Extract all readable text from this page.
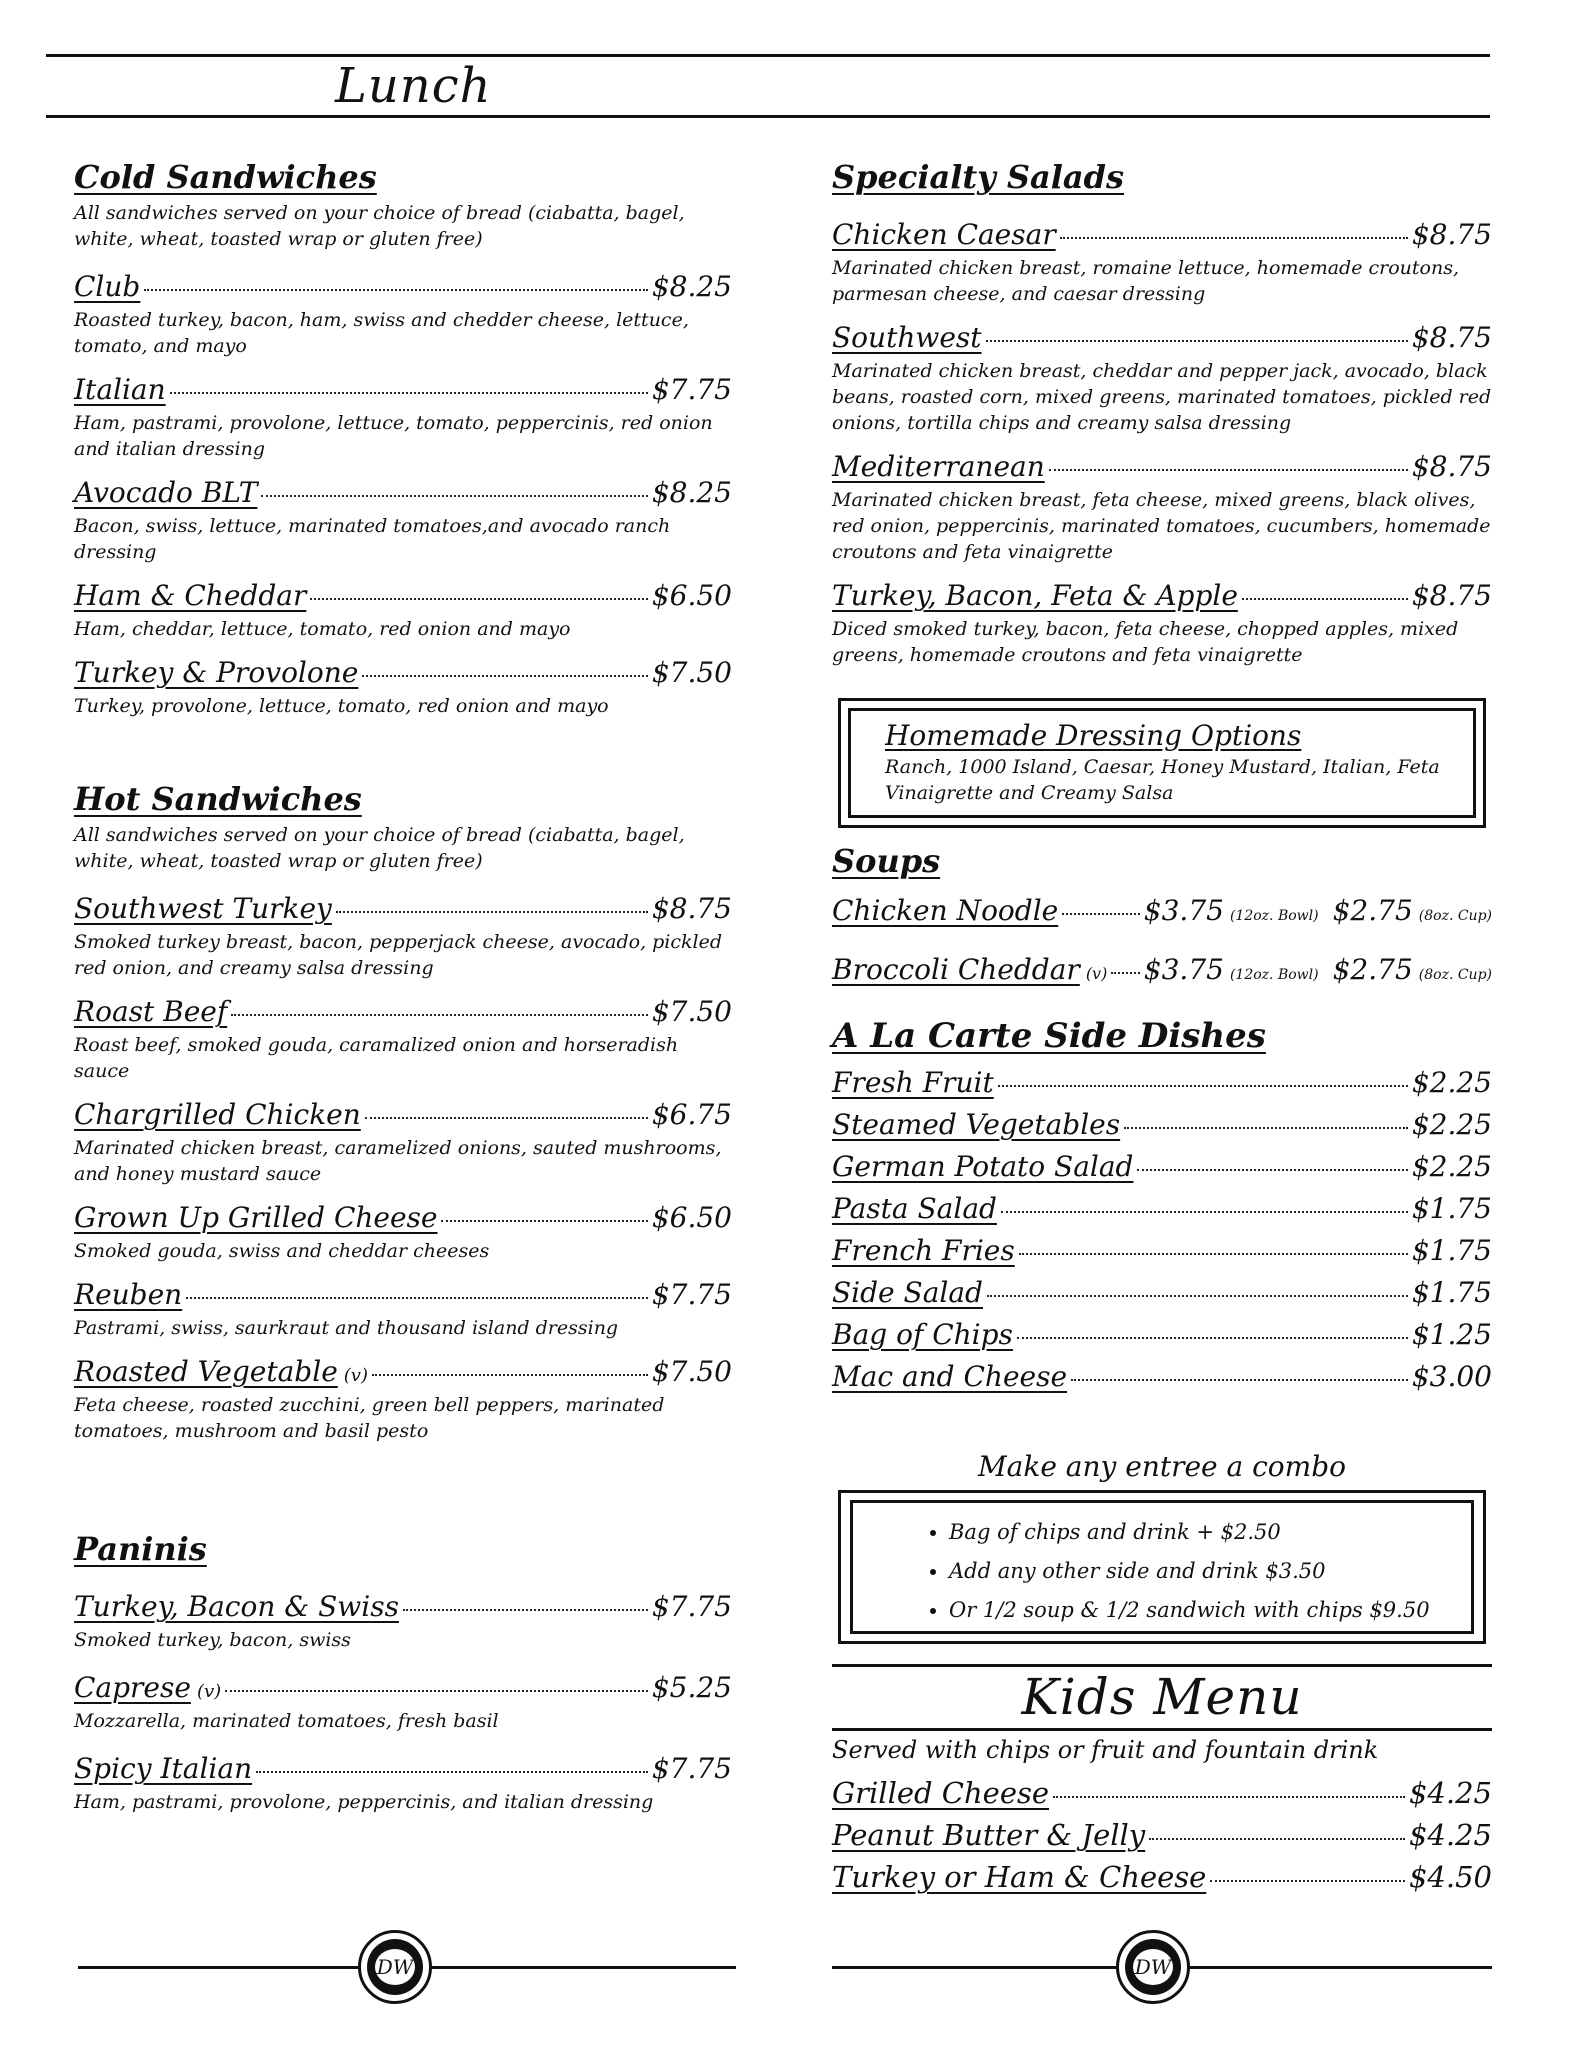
Lunch
Cold Sandwiches

All sandwiches served on your choice of bread (ciabatta, bagel, white, wheat, toasted wrap or gluten free)

Club	$8.25
Roasted turkey, bacon, ham, swiss and chedder cheese, lettuce, tomato, and mayo
Italian	$7.75
Ham, pastrami, provolone, lettuce, tomato, peppercinis, red onion and italian dressing
Avocado BLT	$8.25
Bacon, swiss, lettuce, marinated tomatoes,and avocado ranch dressing
Ham & Cheddar	$6.50
Ham, cheddar, lettuce, tomato, red onion and mayo
Turkey & Provolone	$7.50
Turkey, provolone, lettuce, tomato, red onion and mayo
Hot Sandwiches

All sandwiches served on your choice of bread (ciabatta, bagel, white, wheat, toasted wrap or gluten free)

Southwest Turkey	$8.75
Smoked turkey breast, bacon, pepperjack cheese, avocado, pickled red onion, and creamy salsa dressing
Roast Beef	$7.50
Roast beef, smoked gouda, caramalized onion and horseradish sauce
Chargrilled Chicken	$6.75
Marinated chicken breast, caramelized onions, sauted mushrooms, and honey mustard sauce
Grown Up Grilled Cheese	$6.50
Smoked gouda, swiss and cheddar cheeses
Reuben	$7.75
Pastrami, swiss, saurkraut and thousand island dressing
Roasted Vegetable (v)	$7.50
Feta cheese, roasted zucchini, green bell peppers, marinated tomatoes, mushroom and basil pesto
Paninis
Turkey, Bacon & Swiss	$7.75
Smoked turkey, bacon, swiss
Caprese (v)	$5.25
Mozzarella, marinated tomatoes, fresh basil
Spicy Italian	$7.75
Ham, pastrami, provolone, peppercinis, and italian dressing
Specialty Salads
Chicken Caesar	$8.75
Marinated chicken breast, romaine lettuce, homemade croutons, parmesan cheese, and caesar dressing
Southwest	$8.75
Marinated chicken breast, cheddar and pepper jack, avocado, black beans, roasted corn, mixed greens, marinated tomatoes, pickled red onions, tortilla chips and creamy salsa dressing
Mediterranean	$8.75
Marinated chicken breast, feta cheese, mixed greens, black olives, red onion, peppercinis, marinated tomatoes, cucumbers, homemade croutons and feta vinaigrette
Turkey, Bacon, Feta & Apple	$8.75
Diced smoked turkey, bacon, feta cheese, chopped apples, mixed greens, homemade croutons and feta vinaigrette
Homemade Dressing Options
Ranch, 1000 Island, Caesar, Honey Mustard, Italian, Feta Vinaigrette and Creamy Salsa
Soups
Chicken Noodle	$3.75 (12oz. Bowl) $2.75 (8oz. Cup)
Broccoli Cheddar (v) $3.75 (12oz. Bowl) $2.75 (8oz. Cup)
A La Carte Side Dishes
Fresh Fruit	$2.25
Steamed Vegetables	$2.25
German Potato Salad	$2.25
Pasta Salad	$1.75
French Fries	$1.75
Side Salad	$1.75
Bag of Chips	$1.25
Mac and Cheese	$3.00
Make any entree a combo
• Bag of chips and drink + $2.50
• Add any other side and drink $3.50
• Or 1/2 soup & 1/2 sandwich with chips $9.50
Kids Menu
Served with chips or fruit and fountain drink
Grilled Cheese	$4.25
Peanut Butter & Jelly	$4.25
Turkey or Ham & Cheese	$4.50
DW	DW
